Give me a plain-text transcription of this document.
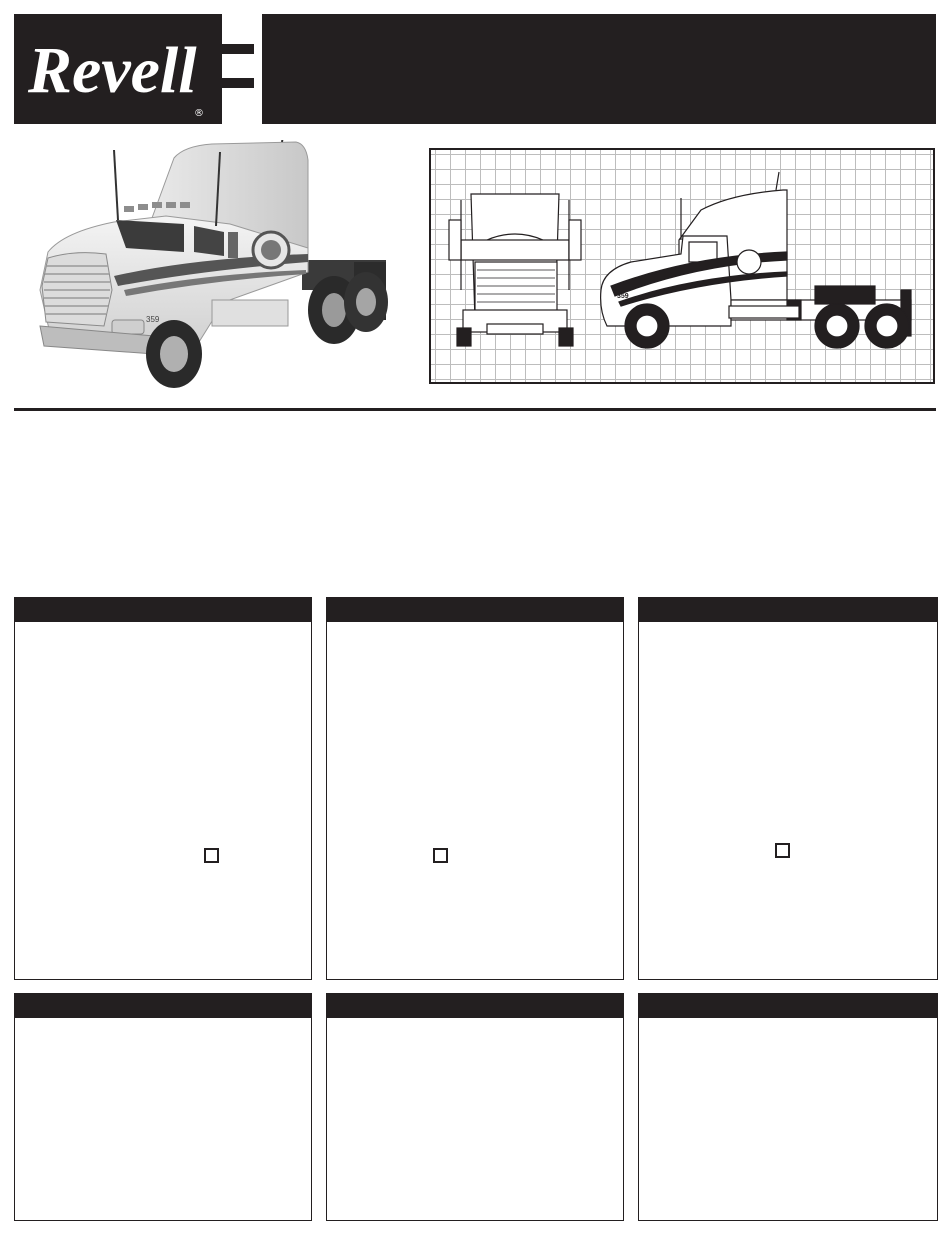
Revell
®
359
359
